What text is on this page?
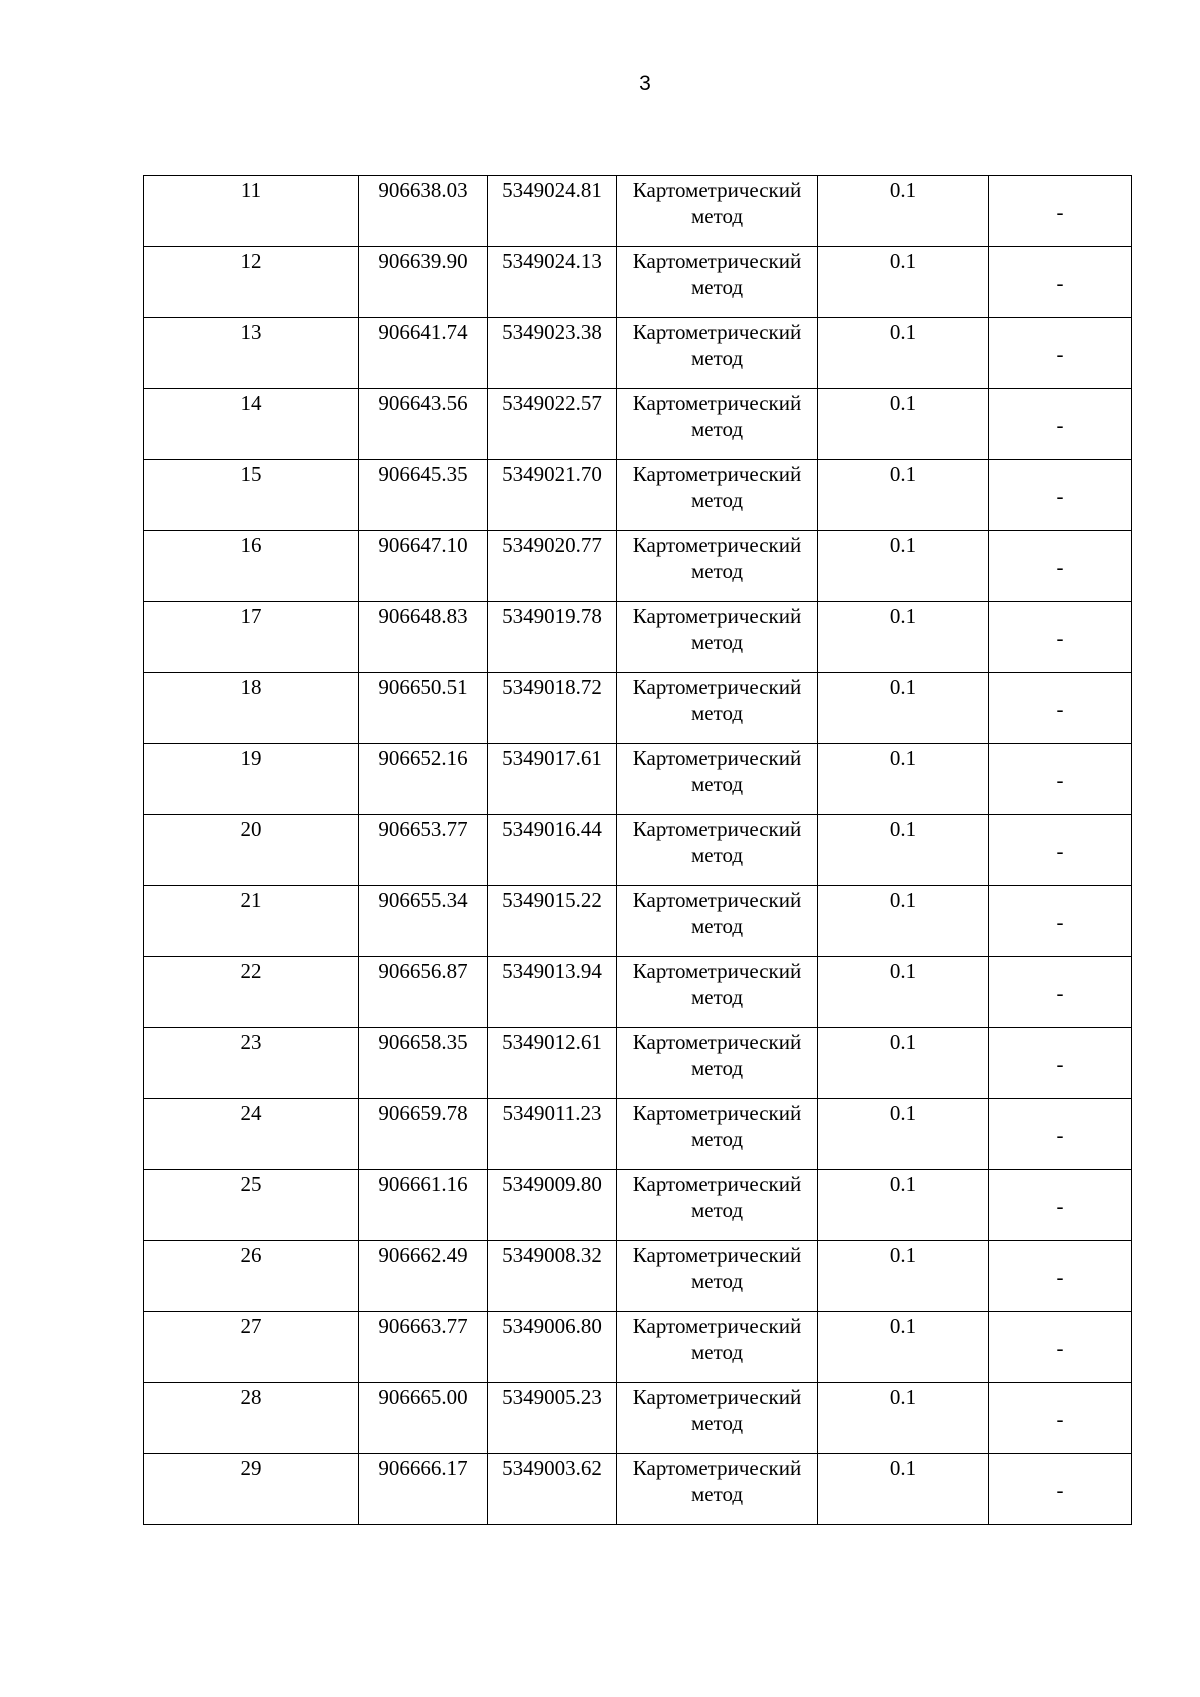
3
11	906638.03	5349024.81	Картометрический метод	0.1	-

12	906639.90	5349024.13	Картометрический метод	0.1	-

13	906641.74	5349023.38	Картометрический метод	0.1	-

14	906643.56	5349022.57	Картометрический метод	0.1	-

15	906645.35	5349021.70	Картометрический метод	0.1	-

16	906647.10	5349020.77	Картометрический метод	0.1	-

17	906648.83	5349019.78	Картометрический метод	0.1	-

18	906650.51	5349018.72	Картометрический метод	0.1	-

19	906652.16	5349017.61	Картометрический метод	0.1	-

20	906653.77	5349016.44	Картометрический метод	0.1	-

21	906655.34	5349015.22	Картометрический метод	0.1	-

22	906656.87	5349013.94	Картометрический метод	0.1	-

23	906658.35	5349012.61	Картометрический метод	0.1	-

24	906659.78	5349011.23	Картометрический метод	0.1	-

25	906661.16	5349009.80	Картометрический метод	0.1	-

26	906662.49	5349008.32	Картометрический метод	0.1	-

27	906663.77	5349006.80	Картометрический метод	0.1	-

28	906665.00	5349005.23	Картометрический метод	0.1	-

29	906666.17	5349003.62	Картометрический метод	0.1	-
